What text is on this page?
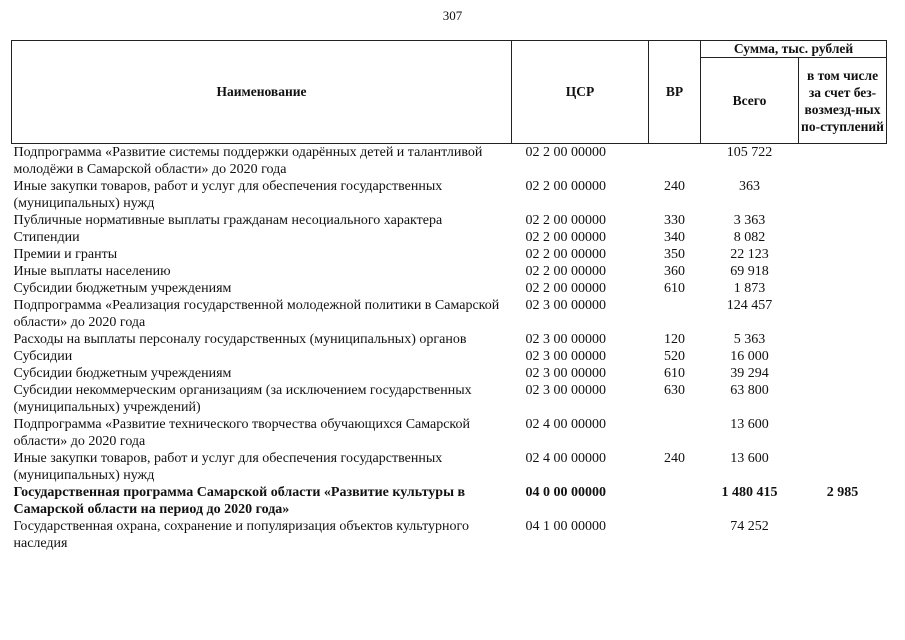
307
Наименование	ЦСР	ВР	Сумма, тыс. рублей	
			Всего	в том числе за счет без-возмезд-ных по-ступлений
Подпрограмма «Развитие системы поддержки одарённых детей и талантливой молодёжи в Самарской области» до 2020 года	02 2 00 00000		105 722	
Иные закупки товаров, работ и услуг для обеспечения государственных (муниципальных) нужд	02 2 00 00000	240	363	
Публичные нормативные выплаты гражданам несоциального характера	02 2 00 00000	330	3 363	
Стипендии	02 2 00 00000	340	8 082	
Премии и гранты	02 2 00 00000	350	22 123	
Иные выплаты населению	02 2 00 00000	360	69 918	
Субсидии бюджетным учреждениям	02 2 00 00000	610	1 873	
Подпрограмма «Реализация государственной молодежной политики в Самарской области» до 2020 года	02 3 00 00000		124 457	
Расходы на выплаты персоналу государственных (муниципальных) органов	02 3 00 00000	120	5 363	
Субсидии	02 3 00 00000	520	16 000	
Субсидии бюджетным учреждениям	02 3 00 00000	610	39 294	
Субсидии некоммерческим организациям (за исключением государственных (муниципальных) учреждений)	02 3 00 00000	630	63 800	
Подпрограмма «Развитие технического творчества обучающихся Самарской области» до 2020 года	02 4 00 00000		13 600	
Иные закупки товаров, работ и услуг для обеспечения государственных (муниципальных) нужд	02 4 00 00000	240	13 600	
Государственная программа Самарской области «Развитие культуры в Самарской области на период до 2020 года»	04 0 00 00000		1 480 415	2 985
Государственная охрана, сохранение и популяризация объектов культурного наследия	04 1 00 00000		74 252	
